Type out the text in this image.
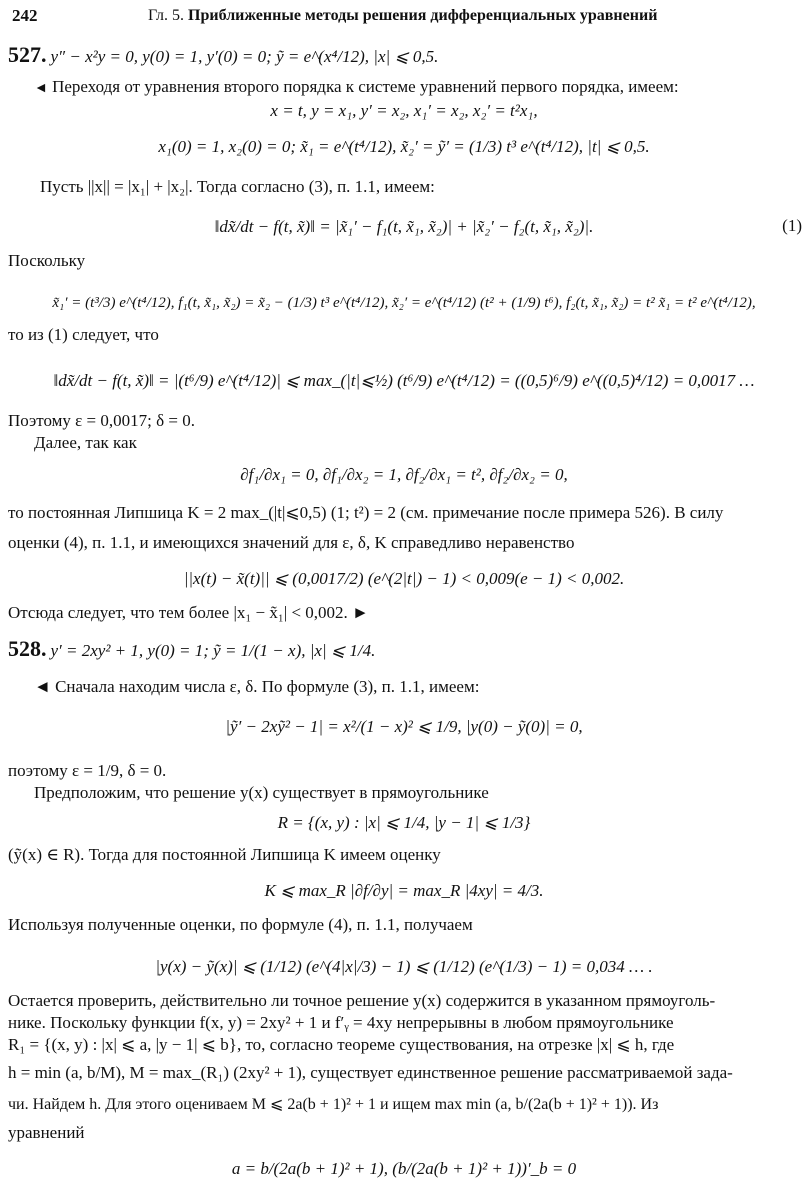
242	Гл. 5. Приближенные методы решения дифференциальных уравнений
527. y″ − x²y = 0, y(0) = 1, y′(0) = 0; ỹ = e^(x⁴/12), |x| ⩽ 0,5.
◄ Переходя от уравнения второго порядка к системе уравнений первого порядка, имеем:
x = t, y = x₁, y′ = x₂, x₁′ = x₂, x₂′ = t²x₁,
x₁(0) = 1, x₂(0) = 0; x̃₁ = e^(t⁴/12), x̃₂′ = ỹ′ = (1/3) t³ e^(t⁴/12), |t| ⩽ 0,5.
Пусть ||x|| = |x₁| + |x₂|. Тогда согласно (3), п. 1.1, имеем:
‖dx̃/dt − f(t, x̃)‖ = |x̃₁′ − f₁(t, x̃₁, x̃₂)| + |x̃₂′ − f₂(t, x̃₁, x̃₂)|.	(1)
Поскольку
x̃₁′ = (t³/3) e^(t⁴/12), f₁(t, x̃₁, x̃₂) = x̃₂ − (1/3) t³ e^(t⁴/12), x̃₂′ = e^(t⁴/12) (t² + (1/9) t⁶), f₂(t, x̃₁, x̃₂) = t² x̃₁ = t² e^(t⁴/12),
то из (1) следует, что
‖dx̃/dt − f(t, x̃)‖ = |(t⁶/9) e^(t⁴/12)| ⩽ max_(|t|⩽½) (t⁶/9) e^(t⁴/12) = ((0,5)⁶/9) e^((0,5)⁴/12) = 0,0017 …
Поэтому ε = 0,0017; δ = 0.
Далее, так как
∂f₁/∂x₁ = 0, ∂f₁/∂x₂ = 1, ∂f₂/∂x₁ = t², ∂f₂/∂x₂ = 0,
то постоянная Липшица K = 2 max_(|t|⩽0,5) (1; t²) = 2 (см. примечание после примера 526). В силу
оценки (4), п. 1.1, и имеющихся значений для ε, δ, K справедливо неравенство
||x(t) − x̃(t)|| ⩽ (0,0017/2) (e^(2|t|) − 1) < 0,009(e − 1) < 0,002.
Отсюда следует, что тем более |x₁ − x̃₁| < 0,002. ►
528. y′ = 2xy² + 1, y(0) = 1; ỹ = 1/(1 − x), |x| ⩽ 1/4.
◄ Сначала находим числа ε, δ. По формуле (3), п. 1.1, имеем:
|ỹ′ − 2xỹ² − 1| = x²/(1 − x)² ⩽ 1/9, |y(0) − ỹ(0)| = 0,
поэтому ε = 1/9, δ = 0.
Предположим, что решение y(x) существует в прямоугольнике
R = {(x, y) : |x| ⩽ 1/4, |y − 1| ⩽ 1/3}
(ỹ(x) ∈ R). Тогда для постоянной Липшица K имеем оценку
K ⩽ max_R |∂f/∂y| = max_R |4xy| = 4/3.
Используя полученные оценки, по формуле (4), п. 1.1, получаем
|y(x) − ỹ(x)| ⩽ (1/12) (e^(4|x|/3) − 1) ⩽ (1/12) (e^(1/3) − 1) = 0,034 … .
Остается проверить, действительно ли точное решение y(x) содержится в указанном прямоуголь-
нике. Поскольку функции f(x, y) = 2xy² + 1 и f′ᵧ = 4xy непрерывны в любом прямоугольнике
R₁ = {(x, y) : |x| ⩽ a, |y − 1| ⩽ b}, то, согласно теореме существования, на отрезке |x| ⩽ h, где
h = min (a, b/M), M = max_(R₁) (2xy² + 1), существует единственное решение рассматриваемой зада-
чи. Найдем h. Для этого оцениваем M ⩽ 2a(b + 1)² + 1 и ищем max min (a, b/(2a(b + 1)² + 1)). Из
уравнений
a = b/(2a(b + 1)² + 1), (b/(2a(b + 1)² + 1))′_b = 0
